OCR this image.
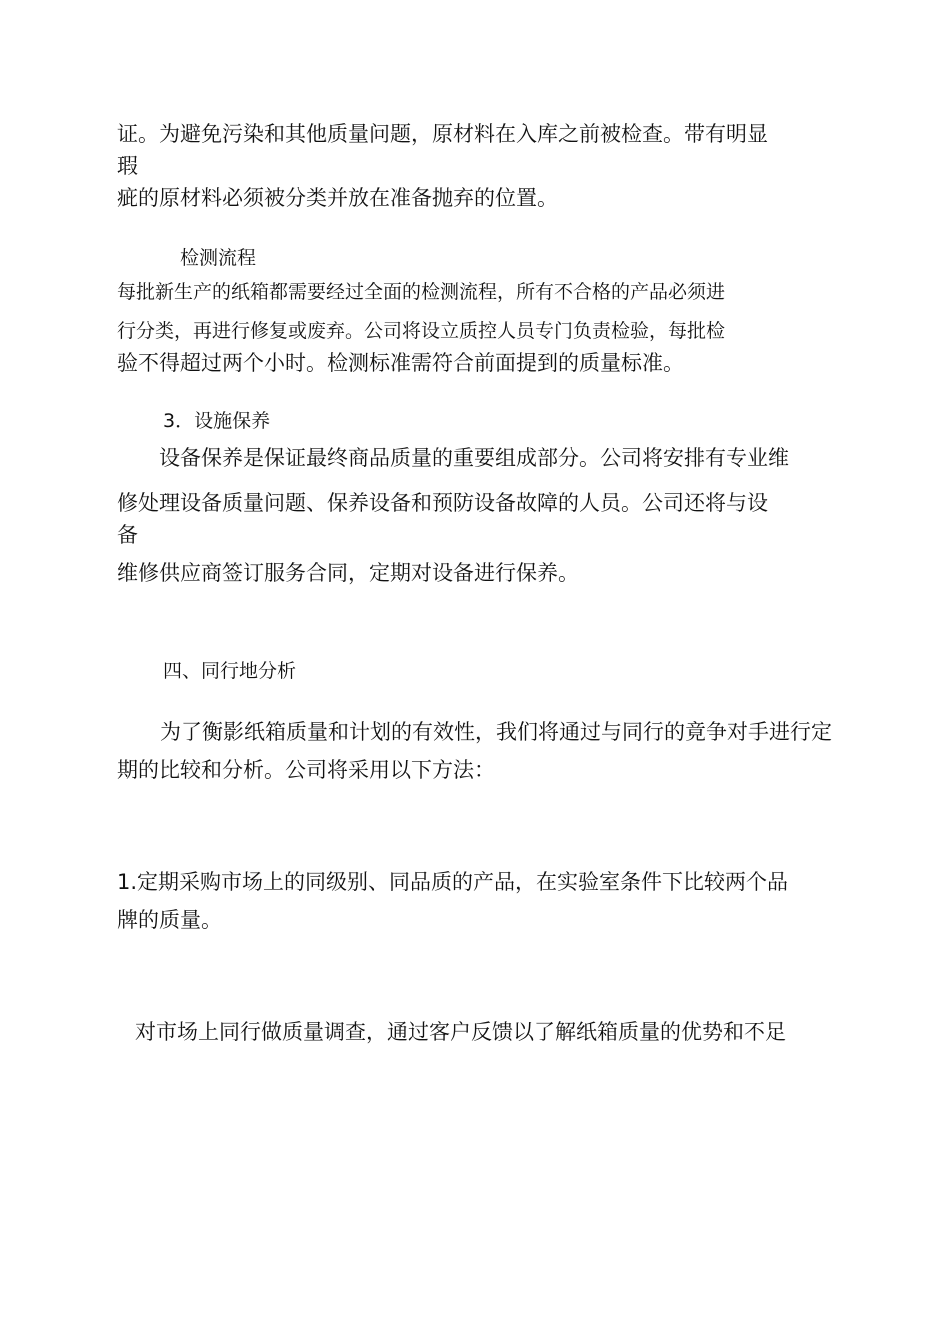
证。为避免污染和其他质量问题，原材料在入库之前被检查。带有明显
瑕
疵的原材料必须被分类并放在准备抛弃的位置。
检测流程
每批新生产的纸箱都需要经过全面的检测流程，所有不合格的产品必须进
行分类，再进行修复或废弃。公司将设立质控人员专门负责检验，每批检
验不得超过两个小时。检测标准需符合前面提到的质量标准。
3．设施保养
设备保养是保证最终商品质量的重要组成部分。公司将安排有专业维
修处理设备质量问题、保养设备和预防设备故障的人员。公司还将与设
备
维修供应商签订服务合同，定期对设备进行保养。
四、同行地分析
为了衡影纸箱质量和计划的有效性，我们将通过与同行的竟争对手进行定
期的比较和分析。公司将采用以下方法：
1.定期采购市场上的同级别、同品质的产品，在实验室条件下比较两个品
牌的质量。
对市场上同行做质量调查，通过客户反馈以了解纸箱质量的优势和不足
